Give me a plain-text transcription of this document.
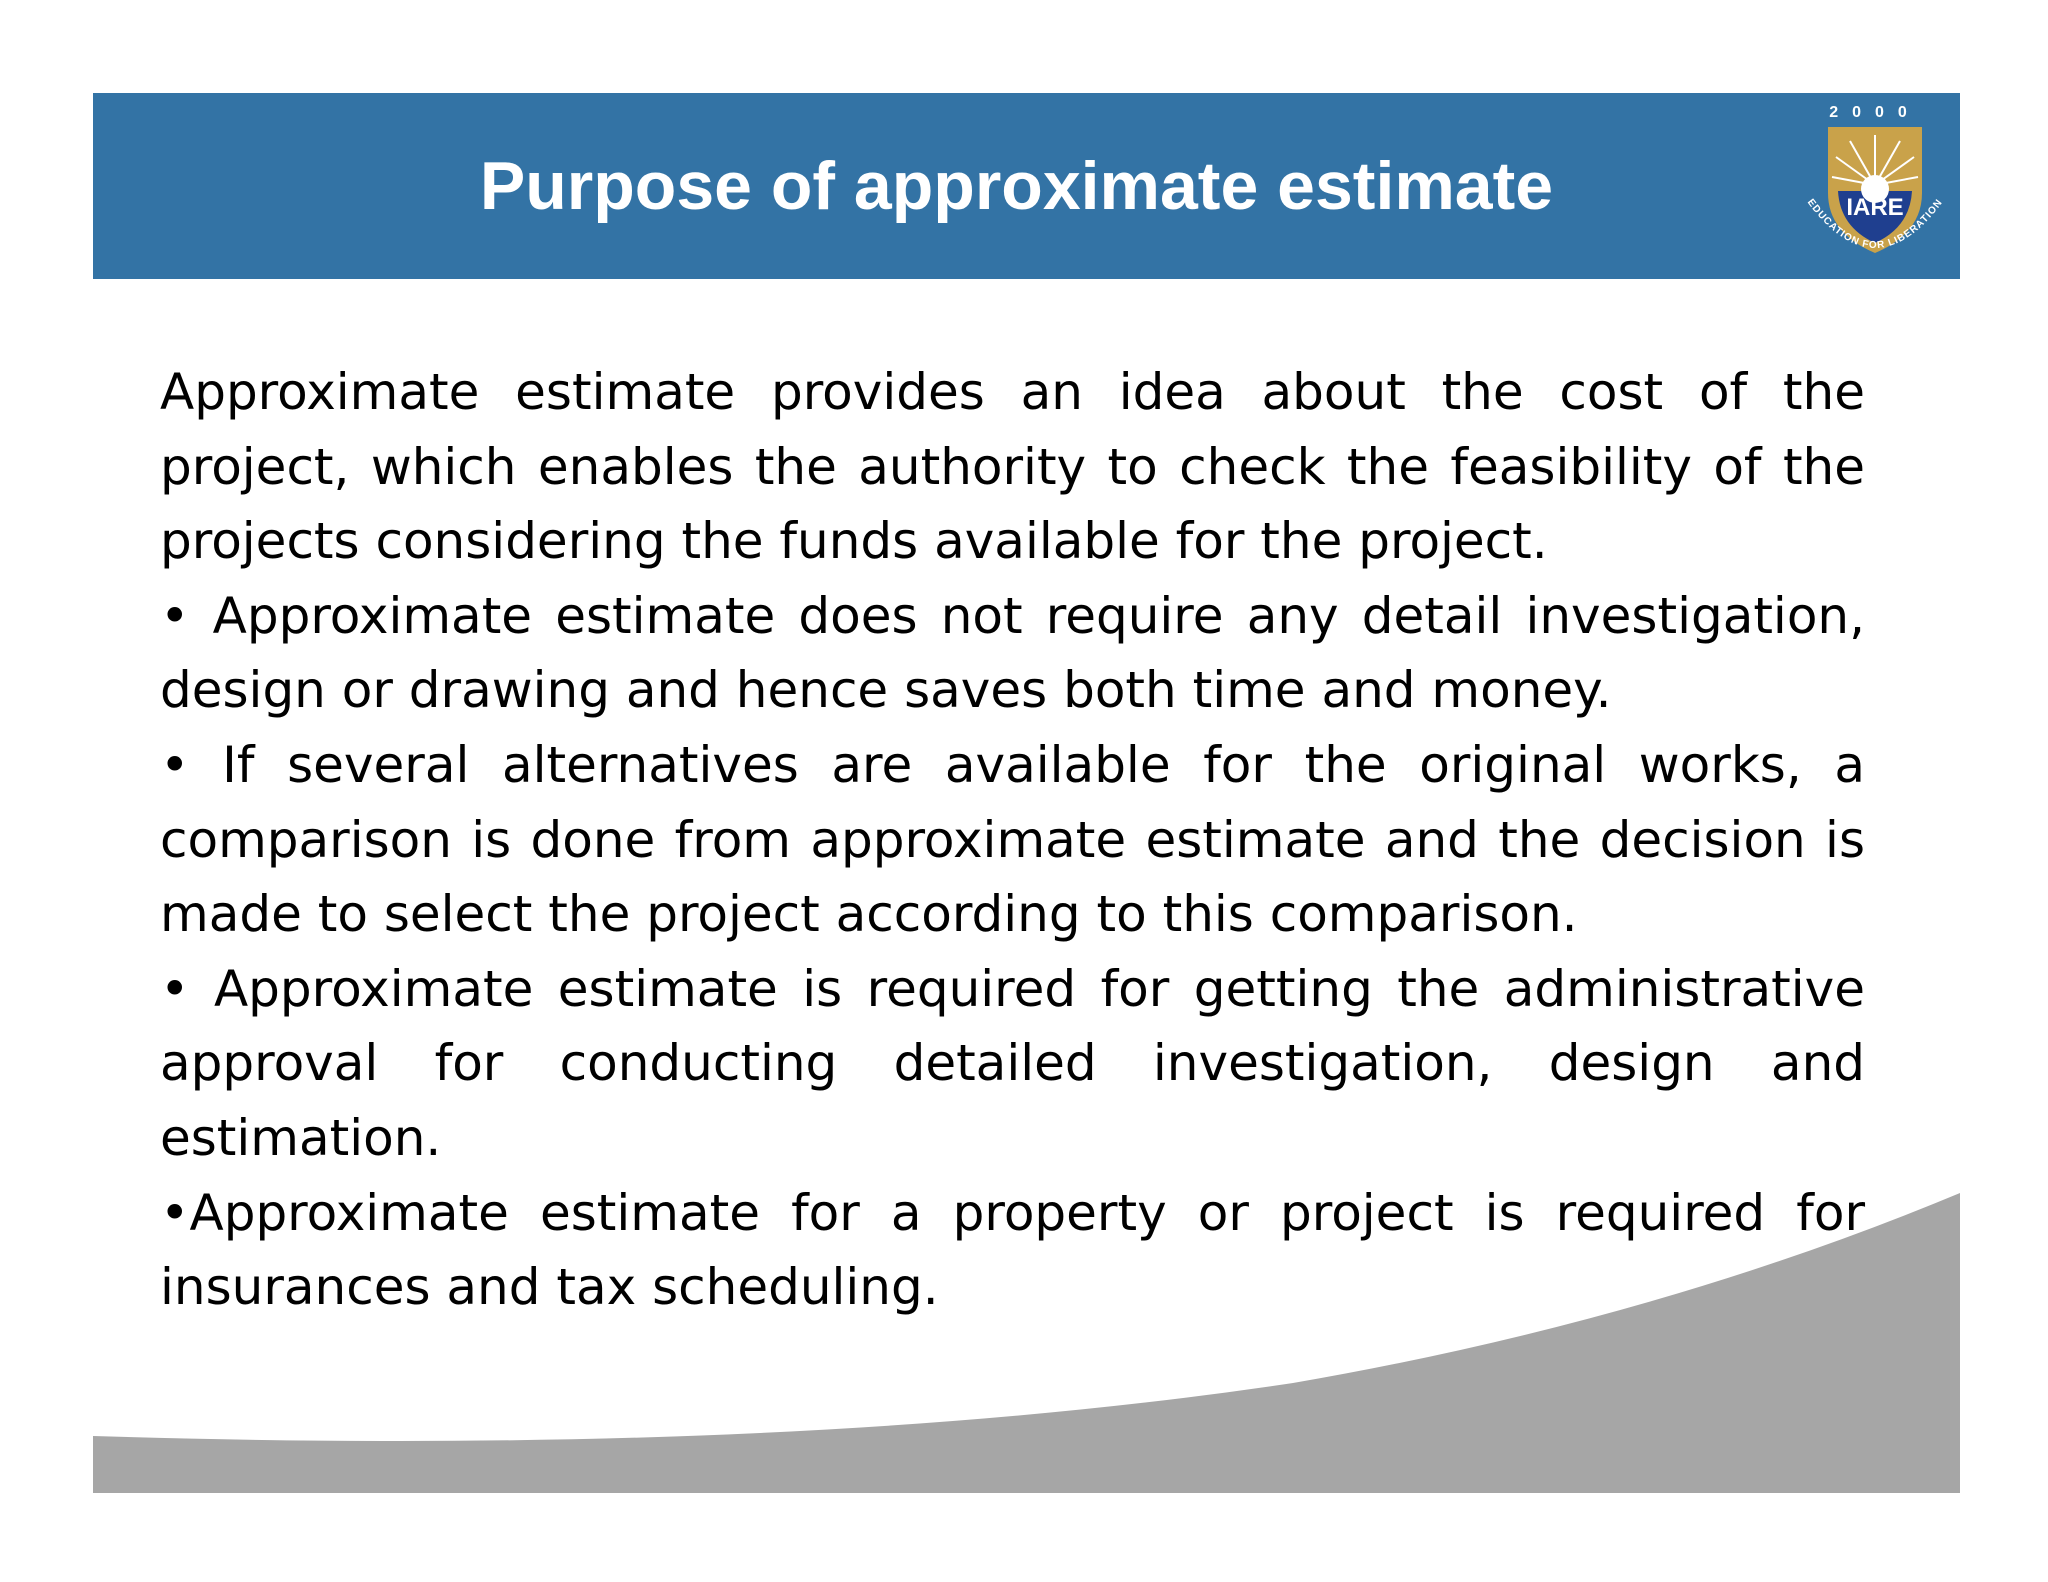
Purpose of approximate estimate
2000
IARE
EDUCATION FOR LIBERATION

Approximate estimate provides an idea about the cost of the project, which enables the authority to check the feasibility of the projects considering the funds available for the project.

• Approximate estimate does not require any detail investigation, design or drawing and hence saves both time and money.

• If several alternatives are available for the original works, a comparison is done from approximate estimate and the decision is made to select the project according to this comparison.

• Approximate estimate is required for getting the administrative approval for conducting detailed investigation, design and estimation.

•Approximate estimate for a property or project is required for insurances and tax scheduling.
